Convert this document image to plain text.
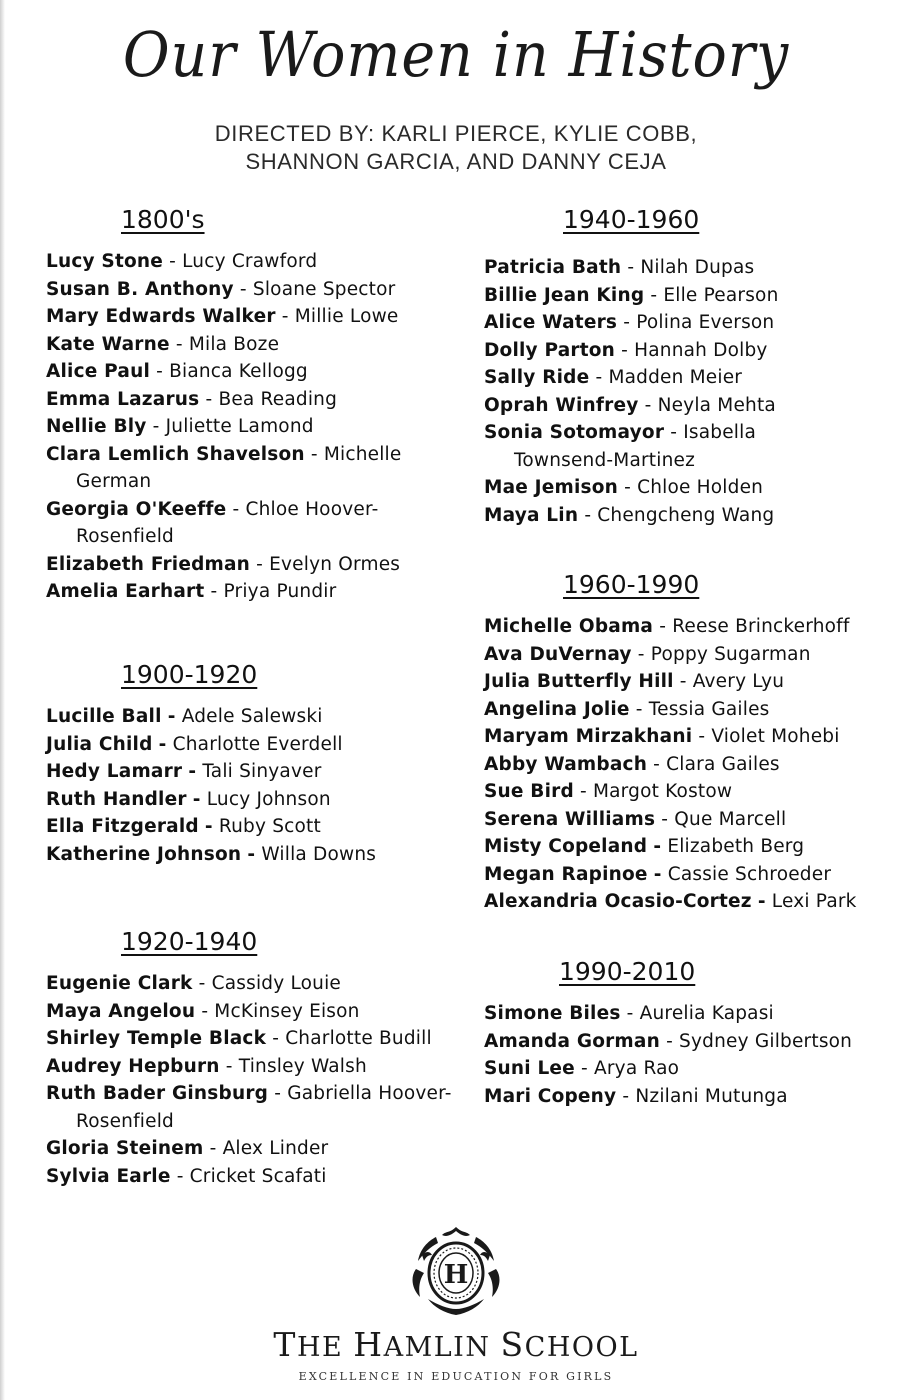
Our Women in History
DIRECTED BY: KARLI PIERCE, KYLIE COBB,
SHANNON GARCIA, AND DANNY CEJA
1800's
Lucy Stone - Lucy Crawford
Susan B. Anthony - Sloane Spector
Mary Edwards Walker - Millie Lowe
Kate Warne - Mila Boze
Alice Paul - Bianca Kellogg
Emma Lazarus - Bea Reading
Nellie Bly - Juliette Lamond
Clara Lemlich Shavelson - Michelle German
Georgia O'Keeffe - Chloe Hoover-Rosenfield
Elizabeth Friedman - Evelyn Ormes
Amelia Earhart - Priya Pundir
1900-1920
Lucille Ball - Adele Salewski
Julia Child - Charlotte Everdell
Hedy Lamarr - Tali Sinyaver
Ruth Handler - Lucy Johnson
Ella Fitzgerald - Ruby Scott
Katherine Johnson - Willa Downs
1920-1940
Eugenie Clark - Cassidy Louie
Maya Angelou - McKinsey Eison
Shirley Temple Black - Charlotte Budill
Audrey Hepburn - Tinsley Walsh
Ruth Bader Ginsburg - Gabriella Hoover-Rosenfield
Gloria Steinem - Alex Linder
Sylvia Earle - Cricket Scafati
1940-1960
Patricia Bath - Nilah Dupas
Billie Jean King - Elle Pearson
Alice Waters - Polina Everson
Dolly Parton - Hannah Dolby
Sally Ride - Madden Meier
Oprah Winfrey - Neyla Mehta
Sonia Sotomayor - Isabella Townsend-Martinez
Mae Jemison - Chloe Holden
Maya Lin - Chengcheng Wang
1960-1990
Michelle Obama - Reese Brinckerhoff
Ava DuVernay - Poppy Sugarman
Julia Butterfly Hill - Avery Lyu
Angelina Jolie - Tessia Gailes
Maryam Mirzakhani - Violet Mohebi
Abby Wambach - Clara Gailes
Sue Bird - Margot Kostow
Serena Williams - Que Marcell
Misty Copeland - Elizabeth Berg
Megan Rapinoe - Cassie Schroeder
Alexandria Ocasio-Cortez - Lexi Park
1990-2010
Simone Biles - Aurelia Kapasi
Amanda Gorman - Sydney Gilbertson
Suni Lee - Arya Rao
Mari Copeny - Nzilani Mutunga
H
THE HAMLIN SCHOOL
EXCELLENCE IN EDUCATION FOR GIRLS
